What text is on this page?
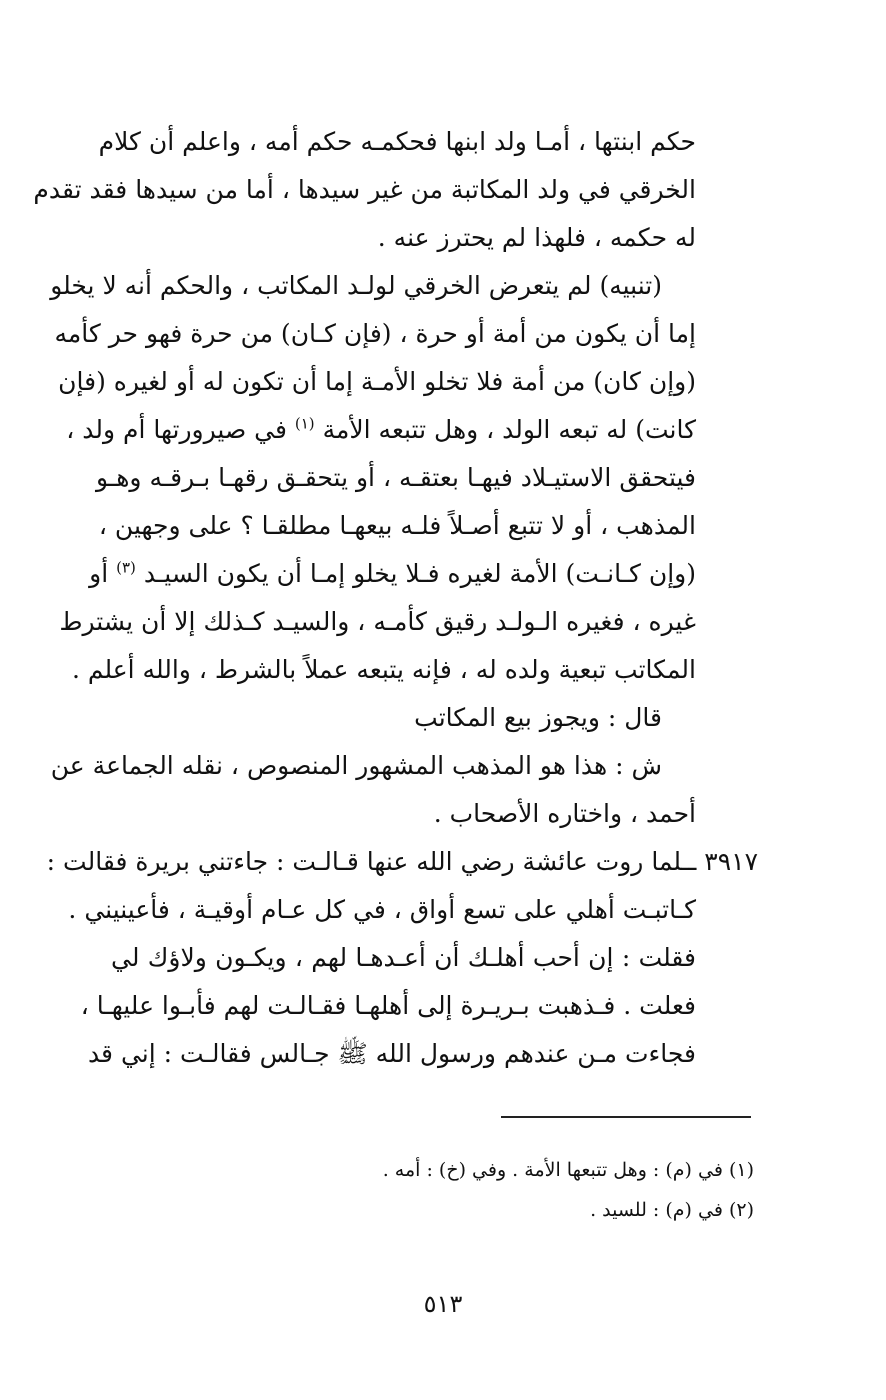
حكم ابنتها ، أمـا ولد ابنها فحكمـه حكم أمه ، واعلم أن كلام
الخرقي في ولد المكاتبة من غير سيدها ، أما من سيدها فقد تقدم
له حكمه ، فلهذا لم يحترز عنه .
(تنبيه) لم يتعرض الخرقي لولـد المكاتب ، والحكم أنه لا يخلو
إما أن يكون من أمة أو حرة ، (فإن كـان) من حرة فهو حر كأمه
(وإن كان) من أمة فلا تخلو الأمـة إما أن تكون له أو لغيره (فإن
كانت) له تبعه الولد ، وهل تتبعه الأمة $^{(١)}$ في صيرورتها أم ولد ،
فيتحقق الاستيـلاد فيهـا بعتقـه ، أو يتحقـق رقهـا بـرقـه وهـو
المذهب ، أو لا تتبع أصـلاً فلـه بيعهـا مطلقـا ؟ على وجهين ،
(وإن كـانـت) الأمة لغيره فـلا يخلو إمـا أن يكون السيـد $^{(٣)}$ أو
غيره ، فغيره الـولـد رقيق كأمـه ، والسيـد كـذلك إلا أن يشترط
المكاتب تبعية ولده له ، فإنه يتبعه عملاً بالشرط ، والله أعلم .
قال : ويجوز بيع المكاتب
ش : هذا هو المذهب المشهور المنصوص ، نقله الجماعة عن
أحمد ، واختاره الأصحاب .
٣٩١٧ ــلما روت عائشة رضي الله عنها قـالـت : جاءتني بريرة فقالت :
كـاتبـت أهلي على تسع أواق ، في كل عـام أوقيـة ، فأعينيني .
فقلت : إن أحب أهلـك أن أعـدهـا لهم ، ويكـون ولاؤك لي
فعلت . فـذهبت بـريـرة إلى أهلهـا فقـالـت لهم فأبـوا عليهـا ،
فجاءت مـن عندهم ورسول الله ﷺ جـالس فقالـت : إني قد
(١) في (م) : وهل تتبعها الأمة . وفي (خ) : أمه .
(٢) في (م) : للسيد .
٥١٣
